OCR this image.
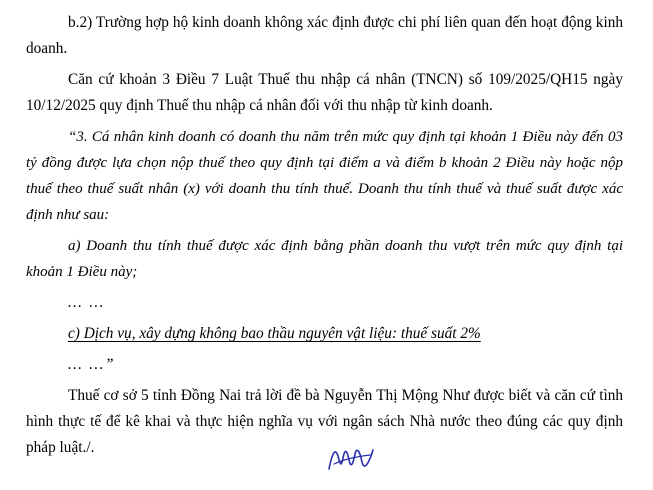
b.2) Trường hợp hộ kinh doanh không xác định được chi phí liên quan đến hoạt động kinh doanh.

Căn cứ khoản 3 Điều 7 Luật Thuế thu nhập cá nhân (TNCN) số 109/2025/QH15 ngày 10/12/2025 quy định Thuế thu nhập cá nhân đối với thu nhập từ kinh doanh.

“3. Cá nhân kinh doanh có doanh thu năm trên mức quy định tại khoản 1 Điều này đến 03 tỷ đồng được lựa chọn nộp thuế theo quy định tại điểm a và điểm b khoản 2 Điều này hoặc nộp thuế theo thuế suất nhân (x) với doanh thu tính thuế. Doanh thu tính thuế và thuế suất được xác định như sau:

a) Doanh thu tính thuế được xác định bằng phần doanh thu vượt trên mức quy định tại khoản 1 Điều này;

… …

c) Dịch vụ, xây dựng không bao thầu nguyên vật liệu: thuế suất 2%

… …”

Thuế cơ sở 5 tỉnh Đồng Nai trả lời đề bà Nguyễn Thị Mộng Như được biết và căn cứ tình hình thực tế để kê khai và thực hiện nghĩa vụ với ngân sách Nhà nước theo đúng các quy định pháp luật./.
